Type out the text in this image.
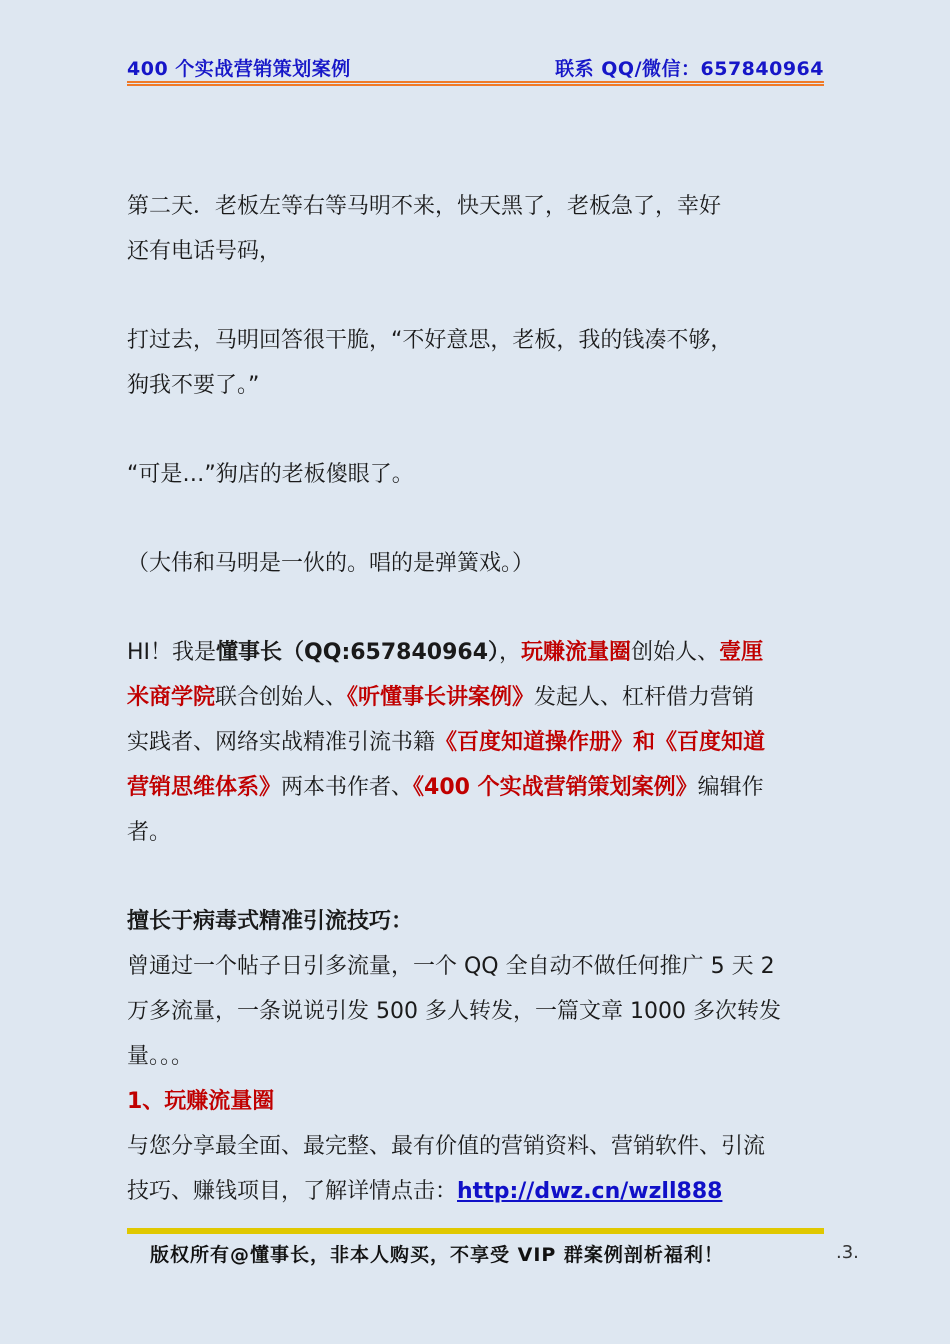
400 个实战营销策划案例	联系 QQ/微信：657840964

第二天．老板左等右等马明不来，快天黑了，老板急了，幸好
还有电话号码，

打过去，马明回答很干脆，“不好意思，老板，我的钱凑不够，
狗我不要了。”

“可是…”狗店的老板傻眼了。

（大伟和马明是一伙的。唱的是弹簧戏。）

HI！我是懂事长（QQ:657840964），玩赚流量圈创始人、壹厘
米商学院联合创始人、《听懂事长讲案例》发起人、杠杆借力营销
实践者、网络实战精准引流书籍《百度知道操作册》和《百度知道
营销思维体系》两本书作者、《400 个实战营销策划案例》编辑作
者。

擅长于病毒式精准引流技巧：

曾通过一个帖子日引多流量，一个 QQ 全自动不做任何推广 5 天 2
万多流量，一条说说引发 500 多人转发，一篇文章 1000 多次转发
量。。。

1、玩赚流量圈

与您分享最全面、最完整、最有价值的营销资料、营销软件、引流
技巧、赚钱项目，了解详情点击：http://dwz.cn/wzll888

版权所有@懂事长，非本人购买，不享受 VIP 群案例剖析福利！	.3.
